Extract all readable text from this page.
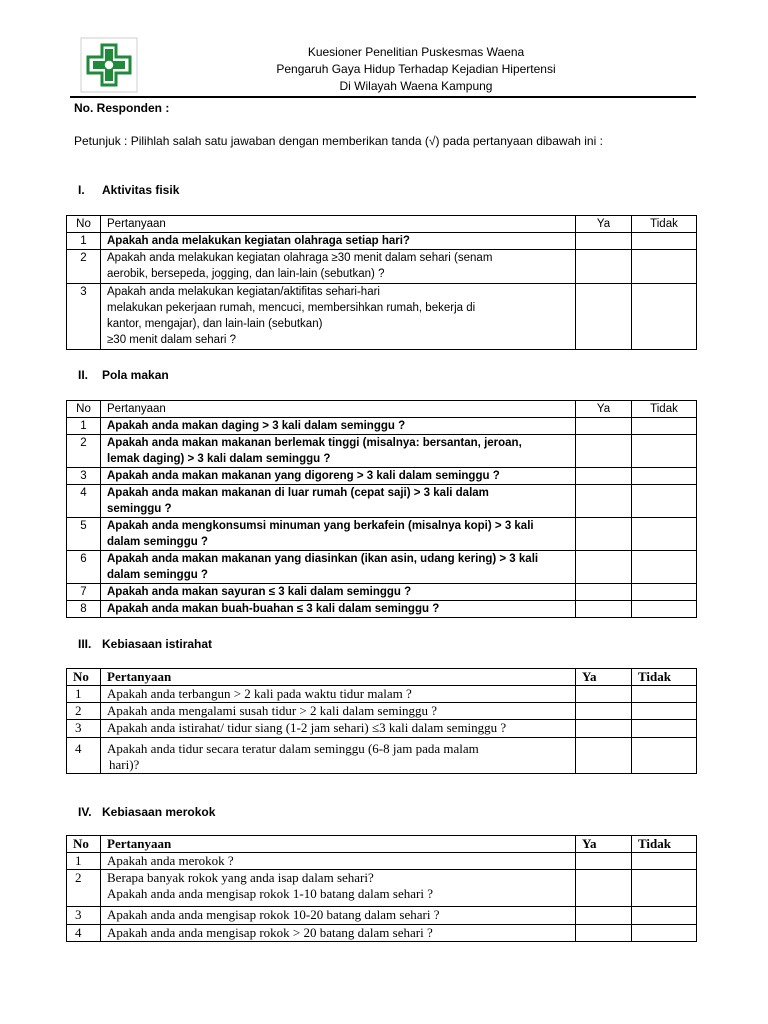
Kuesioner Penelitian Puskesmas Waena
Pengaruh Gaya Hidup Terhadap Kejadian Hipertensi
Di Wilayah Waena Kampung
No. Responden :
Petunjuk : Pilihlah salah satu jawaban dengan memberikan tanda (√) pada pertanyaan dibawah ini :
I. Aktivitas fisik
No	Pertanyaan	Ya	Tidak
1	Apakah anda melakukan kegiatan olahraga setiap hari?		

2	Apakah anda melakukan kegiatan olahraga ≥30 menit dalam sehari (senam
aerobik, bersepeda, jogging, dan lain-lain (sebutkan) ?		

3	Apakah anda melakukan kegiatan/aktifitas sehari-hari
melakukan pekerjaan rumah, mencuci, membersihkan rumah, bekerja di
kantor, mengajar), dan lain-lain (sebutkan)
≥30 menit dalam sehari ?		

II. Pola makan
No	Pertanyaan	Ya	Tidak
1	Apakah anda makan daging > 3 kali dalam seminggu ?		

2	Apakah anda makan makanan berlemak tinggi (misalnya: bersantan, jeroan,
lemak daging) > 3 kali dalam seminggu ?		

3	Apakah anda makan makanan yang digoreng > 3 kali dalam seminggu ?		

4	Apakah anda makan makanan di luar rumah (cepat saji) > 3 kali dalam
seminggu ?		

5	Apakah anda mengkonsumsi minuman yang berkafein (misalnya kopi) > 3 kali
dalam seminggu ?		

6	Apakah anda makan makanan yang diasinkan (ikan asin, udang kering) > 3 kali
dalam seminggu ?		

7	Apakah anda makan sayuran ≤ 3 kali dalam seminggu ?		

8	Apakah anda makan buah-buahan ≤ 3 kali dalam seminggu ?		

III. Kebiasaan istirahat
No	Pertanyaan	Ya	Tidak
1	Apakah anda terbangun > 2 kali pada waktu tidur malam ?		

2	Apakah anda mengalami susah tidur > 2 kali dalam seminggu ?		

3	Apakah anda istirahat/ tidur siang (1-2 jam sehari) ≤3 kali dalam seminggu ?		

4	Apakah anda tidur secara teratur dalam seminggu (6-8 jam pada malam
hari)?		

IV. Kebiasaan merokok
No	Pertanyaan	Ya	Tidak
1	Apakah anda merokok ?		

2	Berapa banyak rokok yang anda isap dalam sehari?
Apakah anda anda mengisap rokok 1-10 batang dalam sehari ?		

3	Apakah anda anda mengisap rokok 10-20 batang dalam sehari ?		

4	Apakah anda anda mengisap rokok > 20 batang dalam sehari ?		
